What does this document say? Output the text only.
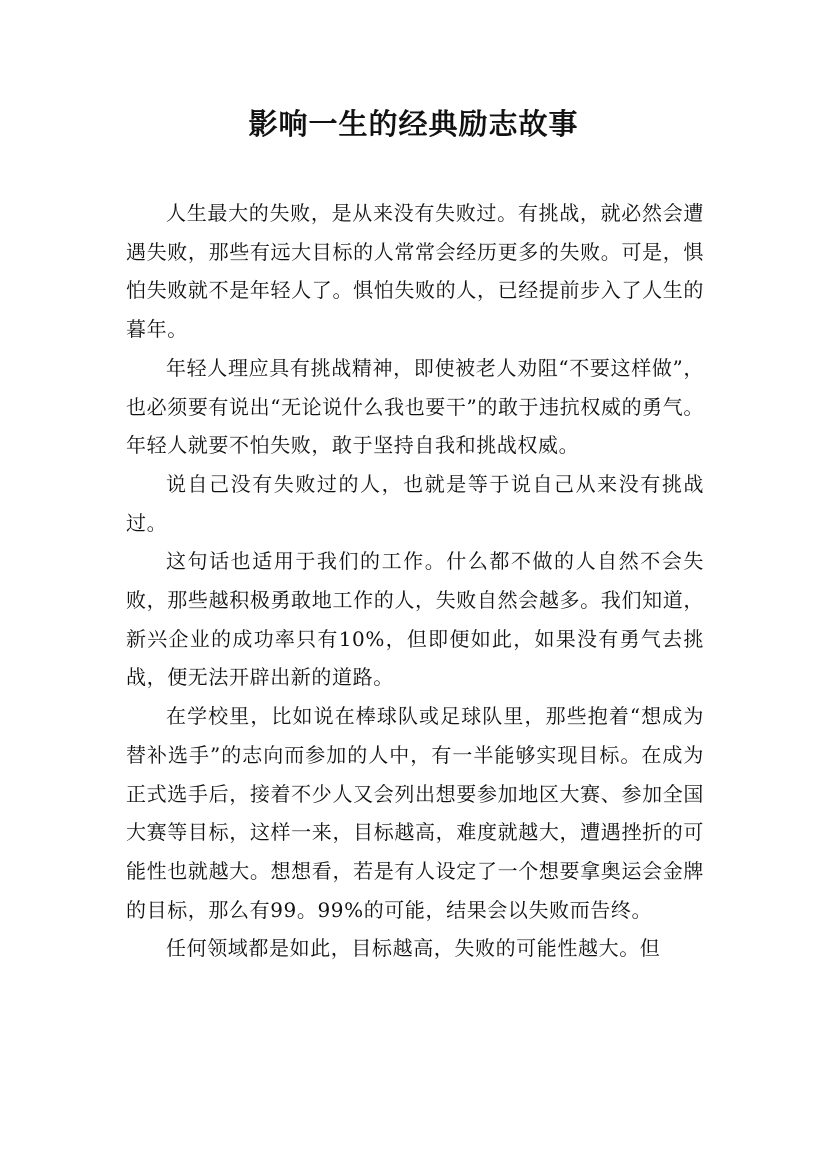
影响一生的经典励志故事

人生最大的失败，是从来没有失败过。有挑战，就必然会遭遇失败，那些有远大目标的人常常会经历更多的失败。可是，惧怕失败就不是年轻人了。惧怕失败的人，已经提前步入了人生的暮年。

年轻人理应具有挑战精神，即使被老人劝阻“不要这样做”，也必须要有说出“无论说什么我也要干”的敢于违抗权威的勇气。年轻人就要不怕失败，敢于坚持自我和挑战权威。

说自己没有失败过的人，也就是等于说自己从来没有挑战过。

这句话也适用于我们的工作。什么都不做的人自然不会失败，那些越积极勇敢地工作的人，失败自然会越多。我们知道，新兴企业的成功率只有10%，但即便如此，如果没有勇气去挑战，便无法开辟出新的道路。

在学校里，比如说在棒球队或足球队里，那些抱着“想成为替补选手”的志向而参加的人中，有一半能够实现目标。在成为正式选手后，接着不少人又会列出想要参加地区大赛、参加全国大赛等目标，这样一来，目标越高，难度就越大，遭遇挫折的可能性也就越大。想想看，若是有人设定了一个想要拿奥运会金牌的目标，那么有99。99%的可能，结果会以失败而告终。

任何领域都是如此，目标越高，失败的可能性越大。但
